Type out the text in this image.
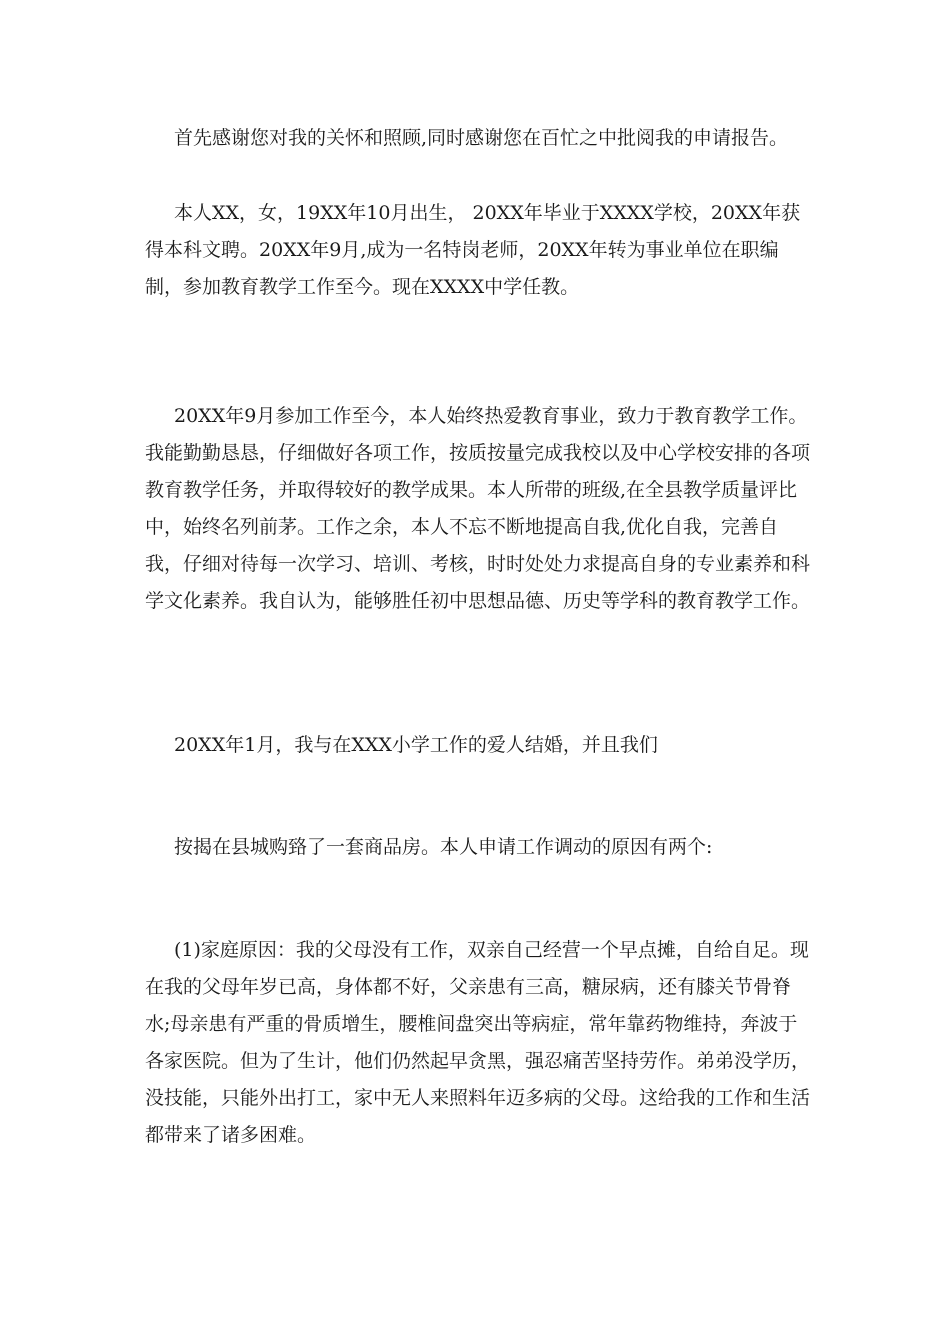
首先感谢您对我的关怀和照顾,同时感谢您在百忙之中批阅我的申请报告。

本人XX，女，19XX年10月出生， 20XX年毕业于XXXX学校，20XX年获得本科文聘。20XX年9月,成为一名特岗老师，20XX年转为事业单位在职编制，参加教育教学工作至今。现在XXXX中学任教。

20XX年9月参加工作至今，本人始终热爱教育事业，致力于教育教学工作。我能勤勤恳恳，仔细做好各项工作，按质按量完成我校以及中心学校安排的各项教育教学任务，并取得较好的教学成果。本人所带的班级,在全县教学质量评比中，始终名列前茅。工作之余，本人不忘不断地提高自我,优化自我，完善自我，仔细对待每一次学习、培训、考核，时时处处力求提高自身的专业素养和科学文化素养。我自认为，能够胜任初中思想品德、历史等学科的教育教学工作。

20XX年1月，我与在XXX小学工作的爱人结婚，并且我们

按揭在县城购臵了一套商品房。本人申请工作调动的原因有两个:

(1)家庭原因：我的父母没有工作，双亲自己经营一个早点摊，自给自足。现在我的父母年岁已高，身体都不好，父亲患有三高，糖尿病，还有膝关节骨脊水;母亲患有严重的骨质增生，腰椎间盘突出等病症，常年靠药物维持，奔波于各家医院。但为了生计，他们仍然起早贪黑，强忍痛苦坚持劳作。弟弟没学历，没技能，只能外出打工，家中无人来照料年迈多病的父母。这给我的工作和生活都带来了诸多困难。
